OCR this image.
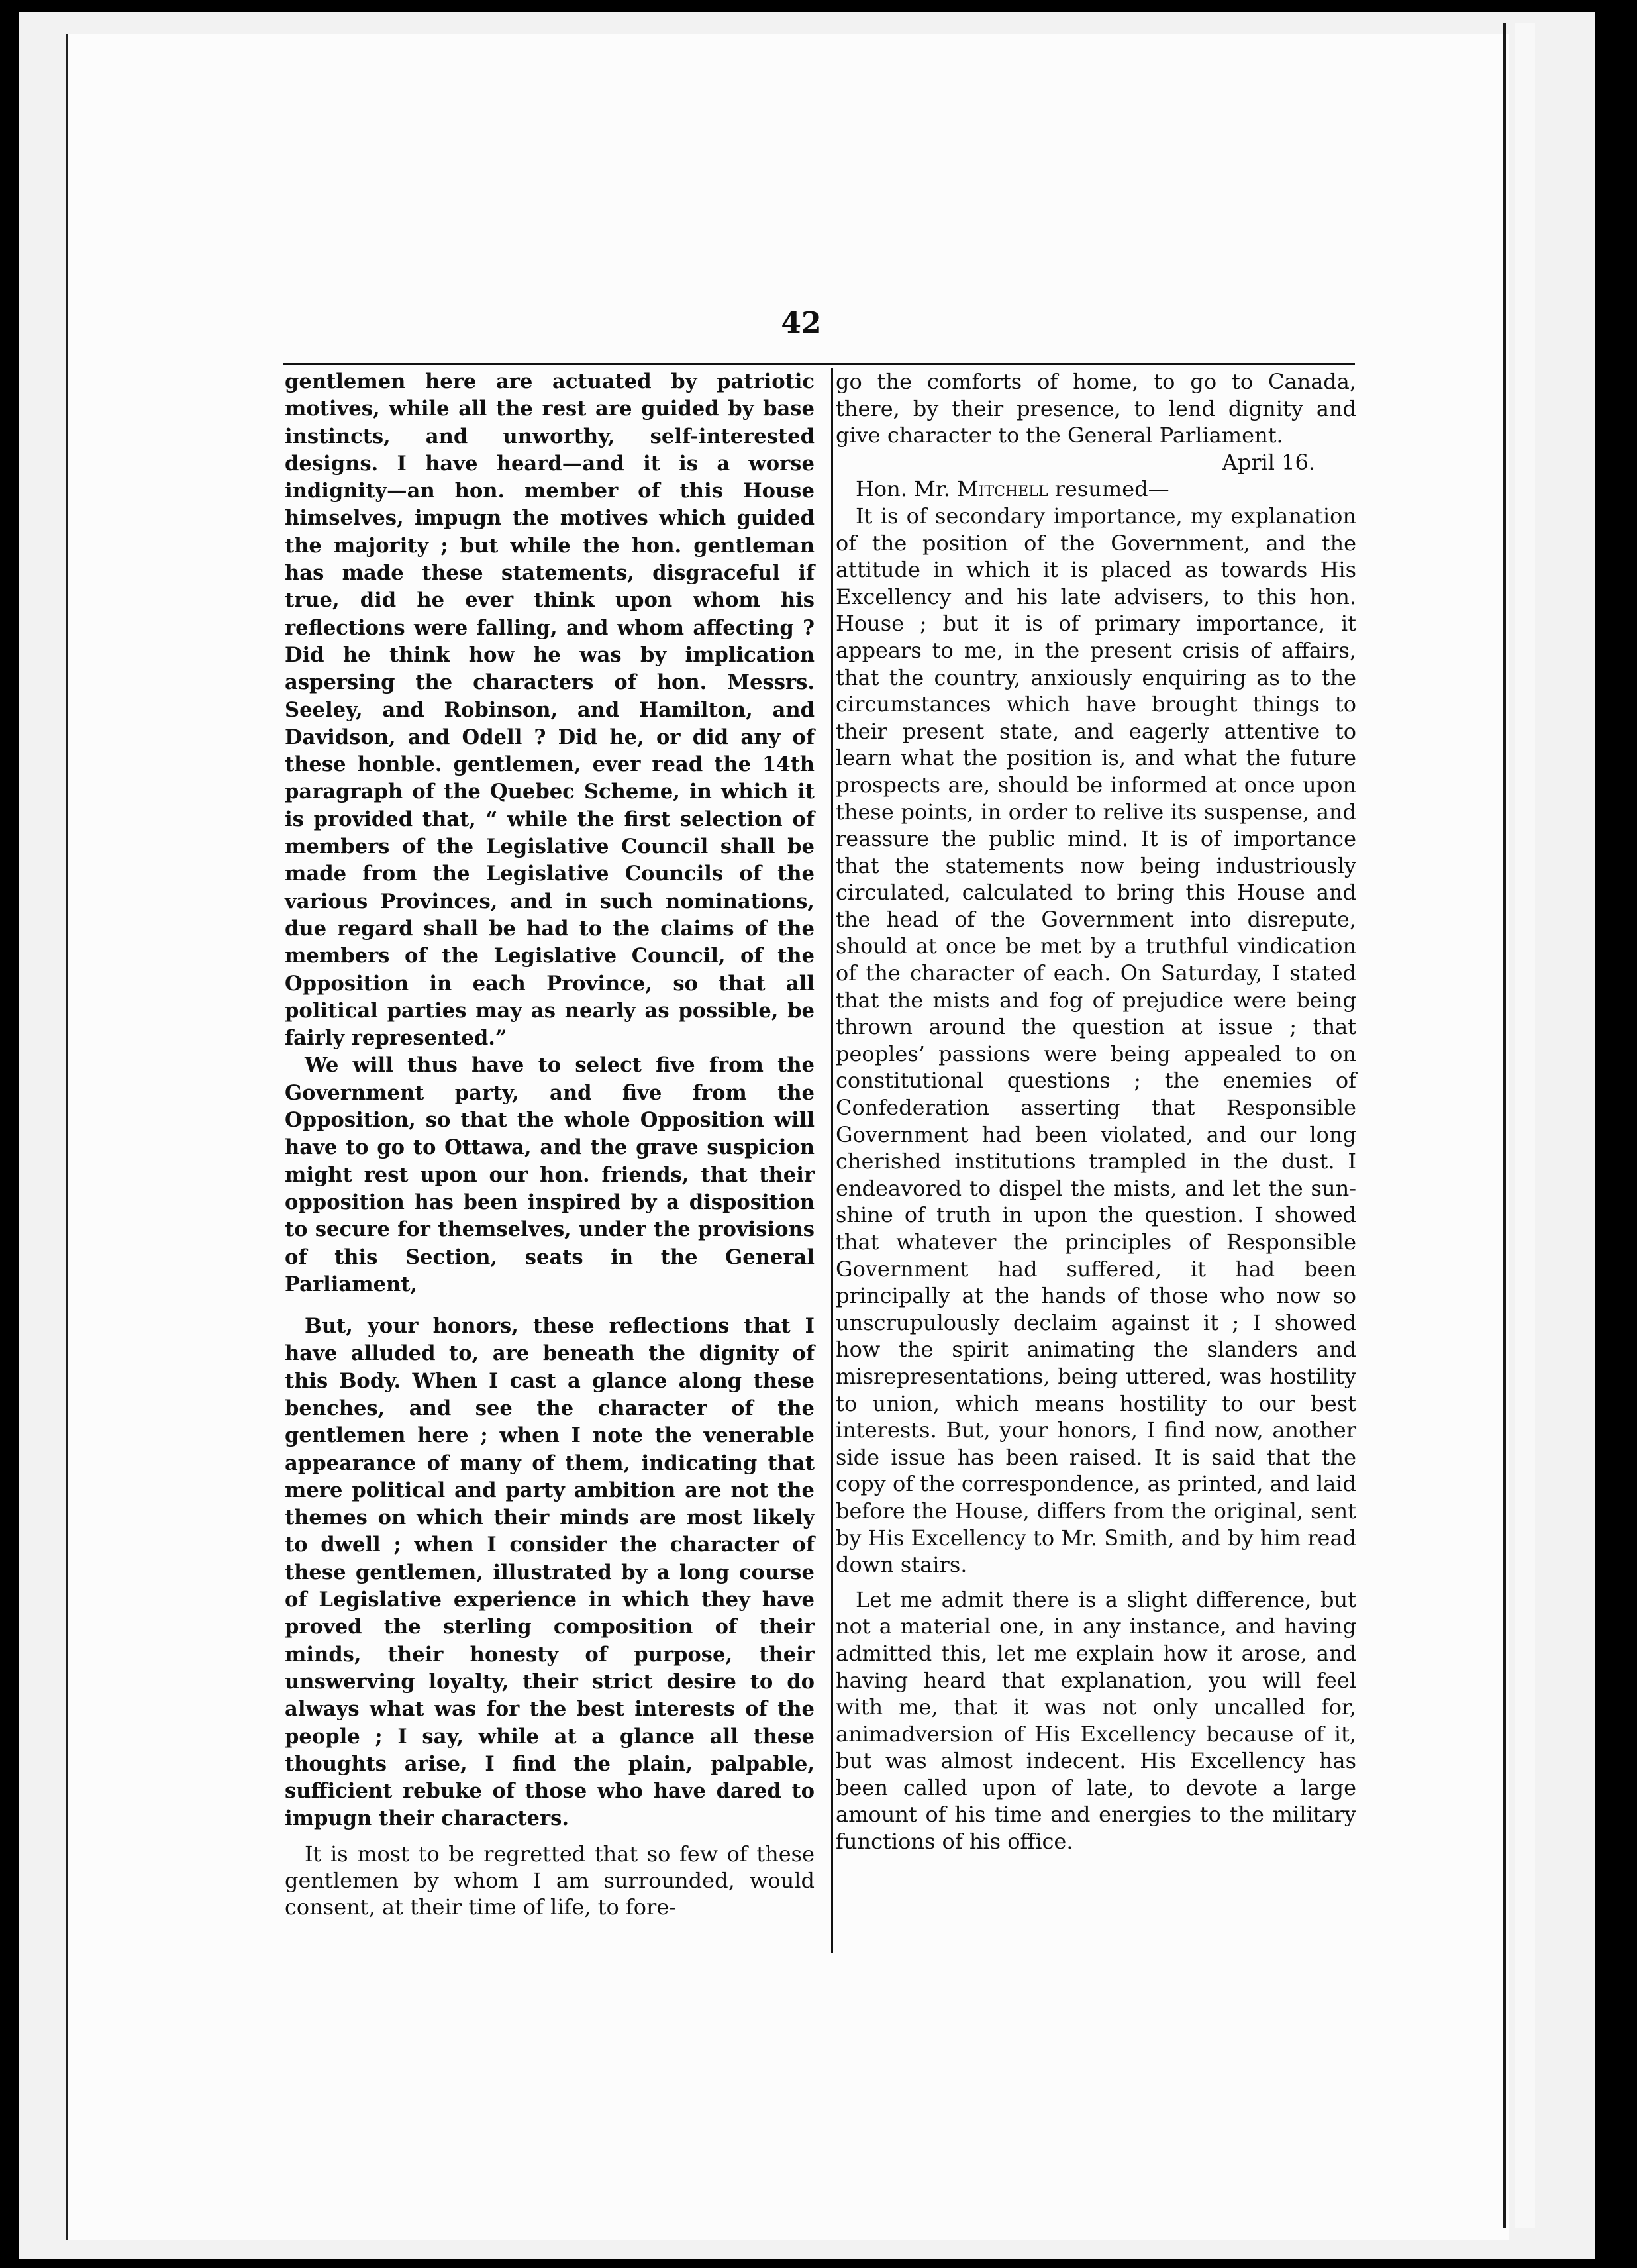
42

gentlemen here are actuated by patriotic motives, while all the rest are guided by base instincts, and unworthy, self-interested designs. I have heard—and it is a worse indignity—an hon. member of this House himselves, impugn the motives which guided the majority ; but while the hon. gentleman has made these statements, disgraceful if true, did he ever think upon whom his reflections were falling, and whom affecting ? Did he think how he was by implication aspersing the characters of hon. Messrs. Seeley, and Robinson, and Hamilton, and Davidson, and Odell ? Did he, or did any of these honble. gentlemen, ever read the 14th paragraph of the Quebec Scheme, in which it is provided that, “ while the first selection of members of the Legislative Council shall be made from the Legislative Councils of the various Provinces, and in such nominations, due regard shall be had to the claims of the members of the Legislative Council, of the Opposition in each Province, so that all political parties may as nearly as possible, be fairly represented.”

We will thus have to select five from the Government party, and five from the Opposition, so that the whole Opposition will have to go to Ottawa, and the grave suspicion might rest upon our hon. friends, that their opposition has been inspired by a disposition to secure for themselves, under the provisions of this Section, seats in the General Parliament,

But, your honors, these reflections that I have alluded to, are beneath the dignity of this Body. When I cast a glance along these benches, and see the character of the gentlemen here ; when I note the venerable appearance of many of them, indicating that mere political and party ambition are not the themes on which their minds are most likely to dwell ; when I consider the character of these gentlemen, illustrated by a long course of Legislative experience in which they have proved the sterling composition of their minds, their honesty of purpose, their unswerving loyalty, their strict desire to do always what was for the best interests of the people ; I say, while at a glance all these thoughts arise, I find the plain, palpable, sufficient rebuke of those who have dared to impugn their characters.

It is most to be regretted that so few of these gentlemen by whom I am surrounded, would consent, at their time of life, to fore-

go the comforts of home, to go to Canada, there, by their presence, to lend dignity and give character to the General Parliament.

April 16.

Hon. Mr. Mitchell resumed—

It is of secondary importance, my explanation of the position of the Government, and the attitude in which it is placed as towards His Excellency and his late advisers, to this hon. House ; but it is of primary importance, it appears to me, in the present crisis of affairs, that the country, anxiously enquiring as to the circumstances which have brought things to their present state, and eagerly attentive to learn what the position is, and what the future prospects are, should be informed at once upon these points, in order to relive its suspense, and reassure the public mind. It is of importance that the statements now being industriously circulated, calculated to bring this House and the head of the Government into disrepute, should at once be met by a truthful vindication of the character of each. On Saturday, I stated that the mists and fog of prejudice were being thrown around the question at issue ; that peoples’ passions were being appealed to on constitutional questions ; the enemies of Confederation asserting that Responsible Government had been violated, and our long cherished institutions trampled in the dust. I endeavored to dispel the mists, and let the sun-shine of truth in upon the question. I showed that whatever the principles of Responsible Government had suffered, it had been principally at the hands of those who now so unscrupulously declaim against it ; I showed how the spirit animating the slanders and misrepresentations, being uttered, was hostility to union, which means hostility to our best interests. But, your honors, I find now, another side issue has been raised. It is said that the copy of the correspondence, as printed, and laid before the House, differs from the original, sent by His Excellency to Mr. Smith, and by him read down stairs.

Let me admit there is a slight difference, but not a material one, in any instance, and having admitted this, let me explain how it arose, and having heard that explanation, you will feel with me, that it was not only uncalled for, animadversion of His Excellency because of it, but was almost indecent. His Excellency has been called upon of late, to devote a large amount of his time and energies to the military functions of his office.
